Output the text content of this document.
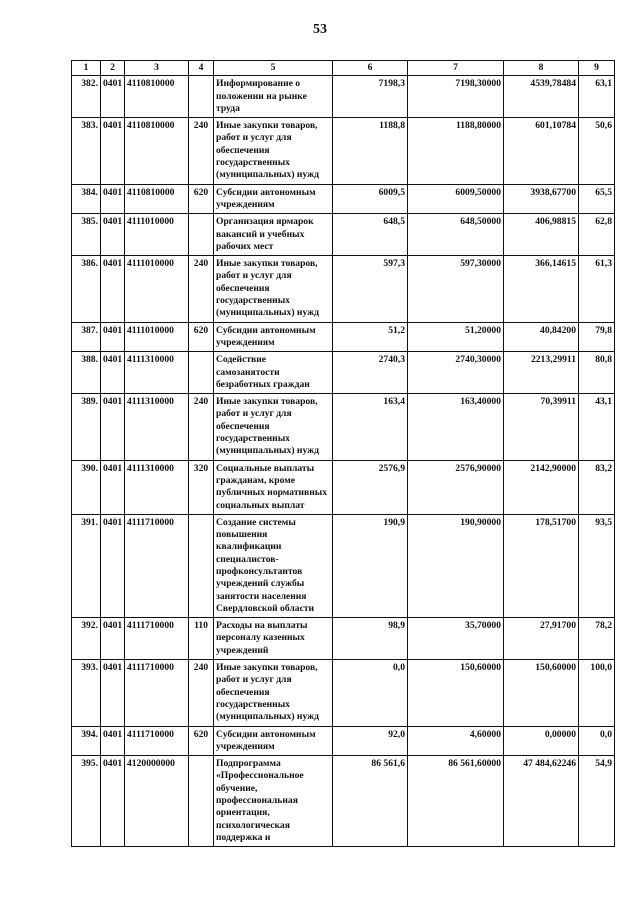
53
1	2	3	4	5	6	7	8	9
382.	0401	4110810000		Информирование о положении на рынке труда	7198,3	7198,30000	4539,78484	63,1
383.	0401	4110810000	240	Иные закупки товаров, работ и услуг для обеспечения государственных (муниципальных) нужд	1188,8	1188,80000	601,10784	50,6
384.	0401	4110810000	620	Субсидии автономным учреждениям	6009,5	6009,50000	3938,67700	65,5
385.	0401	4111010000		Организация ярмарок вакансий и учебных рабочих мест	648,5	648,50000	406,98815	62,8
386.	0401	4111010000	240	Иные закупки товаров, работ и услуг для обеспечения государственных (муниципальных) нужд	597,3	597,30000	366,14615	61,3
387.	0401	4111010000	620	Субсидии автономным учреждениям	51,2	51,20000	40,84200	79,8
388.	0401	4111310000		Содействие самозанятости безработных граждан	2740,3	2740,30000	2213,29911	80,8
389.	0401	4111310000	240	Иные закупки товаров, работ и услуг для обеспечения государственных (муниципальных) нужд	163,4	163,40000	70,39911	43,1
390.	0401	4111310000	320	Социальные выплаты гражданам, кроме публичных нормативных социальных выплат	2576,9	2576,90000	2142,90000	83,2
391.	0401	4111710000		Создание системы повышения квалификации специалистов-профконсультантов учреждений службы занятости населения Свердловской области	190,9	190,90000	178,51700	93,5
392.	0401	4111710000	110	Расходы на выплаты персоналу казенных учреждений	98,9	35,70000	27,91700	78,2
393.	0401	4111710000	240	Иные закупки товаров, работ и услуг для обеспечения государственных (муниципальных) нужд	0,0	150,60000	150,60000	100,0
394.	0401	4111710000	620	Субсидии автономным учреждениям	92,0	4,60000	0,00000	0,0
395.	0401	4120000000		Подпрограмма «Профессиональное обучение, профессиональная ориентация, психологическая поддержка и	86 561,6	86 561,60000	47 484,62246	54,9
